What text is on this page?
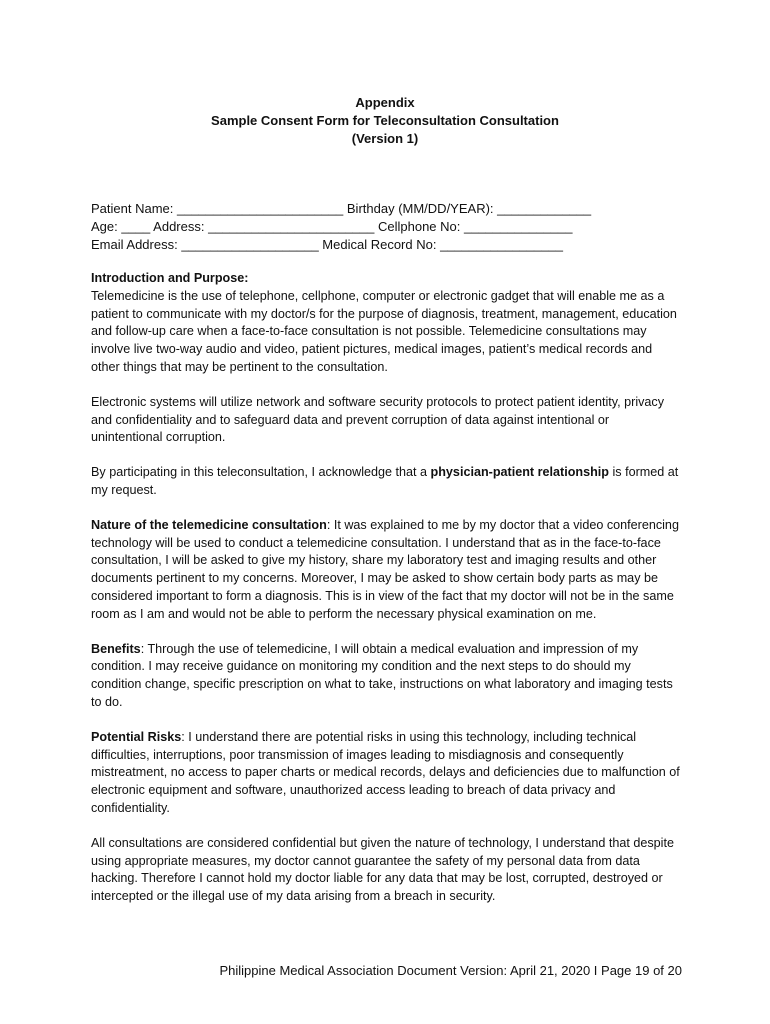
Appendix
Sample Consent Form for Teleconsultation Consultation
(Version 1)
Patient Name: _______________________ Birthday (MM/DD/YEAR): _____________
Age: ____ Address: _______________________ Cellphone No: _______________
Email Address: ___________________ Medical Record No: _________________
Introduction and Purpose:

Telemedicine is the use of telephone, cellphone, computer or electronic gadget that will enable me as a patient to communicate with my doctor/s for the purpose of diagnosis, treatment, management, education and follow-up care when a face-to-face consultation is not possible. Telemedicine consultations may involve live two-way audio and video, patient pictures, medical images, patient’s medical records and other things that may be pertinent to the consultation.

Electronic systems will utilize network and software security protocols to protect patient identity, privacy and confidentiality and to safeguard data and prevent corruption of data against intentional or unintentional corruption.

By participating in this teleconsultation, I acknowledge that a physician-patient relationship is formed at my request.

Nature of the telemedicine consultation: It was explained to me by my doctor that a video conferencing technology will be used to conduct a telemedicine consultation. I understand that as in the face-to-face consultation, I will be asked to give my history, share my laboratory test and imaging results and other documents pertinent to my concerns. Moreover, I may be asked to show certain body parts as may be considered important to form a diagnosis. This is in view of the fact that my doctor will not be in the same room as I am and would not be able to perform the necessary physical examination on me.

Benefits: Through the use of telemedicine, I will obtain a medical evaluation and impression of my condition. I may receive guidance on monitoring my condition and the next steps to do should my condition change, specific prescription on what to take, instructions on what laboratory and imaging tests to do.

Potential Risks: I understand there are potential risks in using this technology, including technical difficulties, interruptions, poor transmission of images leading to misdiagnosis and consequently mistreatment, no access to paper charts or medical records, delays and deficiencies due to malfunction of electronic equipment and software, unauthorized access leading to breach of data privacy and confidentiality.

All consultations are considered confidential but given the nature of technology, I understand that despite using appropriate measures, my doctor cannot guarantee the safety of my personal data from data hacking. Therefore I cannot hold my doctor liable for any data that may be lost, corrupted, destroyed or intercepted or the illegal use of my data arising from a breach in security.

Philippine Medical Association Document Version: April 21, 2020 I Page 19 of 20
